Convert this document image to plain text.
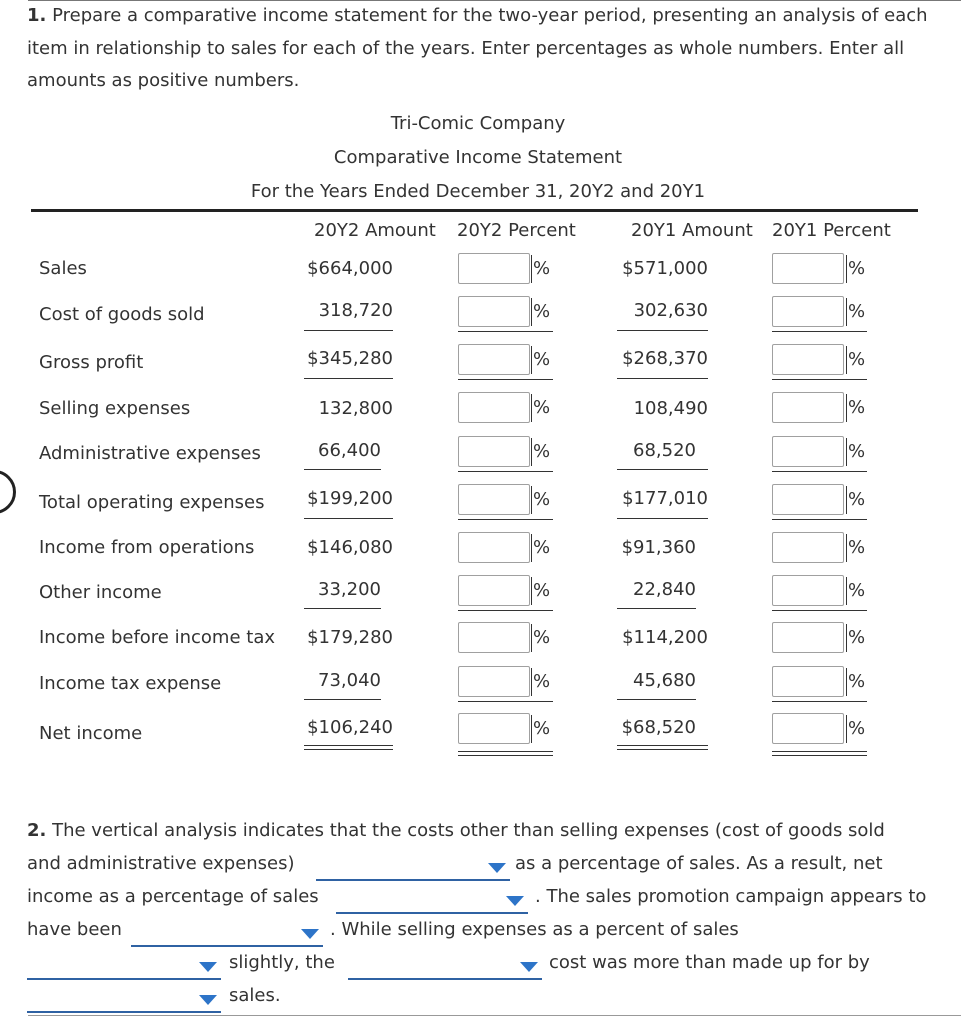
1. Prepare a comparative income statement for the two-year period, presenting an analysis of each item in relationship to sales for each of the years. Enter percentages as whole numbers. Enter all amounts as positive numbers.
Tri-Comic Company
Comparative Income Statement
For the Years Ended December 31, 20Y2 and 20Y1
20Y2 Amount 20Y2 Percent	20Y1 Amount 20Y1 Percent
Sales	$664,000	%	$571,000	%
Cost of goods sold	318,720	%	302,630	%
Gross profit	$345,280	%	$268,370	%
Selling expenses	132,800	%	108,490	%
Administrative expenses	66,400	%	68,520	%
Total operating expenses	$199,200	%	$177,010	%
Income from operations	$146,080	%	$91,360	%
Other income	33,200	%	22,840	%
Income before income tax	$179,280	%	$114,200	%
Income tax expense	73,040	%	45,680	%
Net income	$106,240	%	$68,520	%
2. The vertical analysis indicates that the costs other than selling expenses (cost of goods sold
and administrative expenses)	as a percentage of sales. As a result, net
income as a percentage of sales	. The sales promotion campaign appears to
have been	. While selling expenses as a percent of sales
slightly, the	cost was more than made up for by
sales.
